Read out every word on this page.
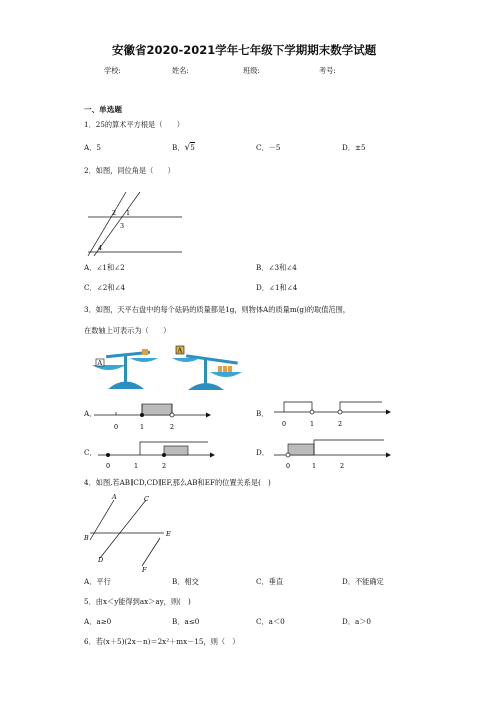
安徽省2020-2021学年七年级下学期期末数学试题
学校:	姓名:	班级:	考号:
一、单选题
1．25的算术平方根是（　　）
A．5	B．√5	C．－5	D．±5
2．如图，同位角是（　　）
2 1
3
4
A．∠1和∠2	B．∠3和∠4
C．∠2和∠4	D．∠1和∠4
3．如图，天平右盘中的每个砝码的质量都是1g，则物体A的质量m(g)的取值范围，
在数轴上可表示为（　　）
A
A
A．
0	1	2
B．
0	1	2
C．
0	1	2
D．
0	1	2
4．如图,若AB∥CD,CD∥EF,那么AB和EF的位置关系是(　)
A	C
B	E
D
F
A．平行	B．相交	C．垂直	D．不能确定
5．由x＜y能得到ax＞ay，则(　)
A．a≥0	B．a≤0	C．a＜0	D．a＞0
6．若(x＋5)(2x－n)＝2x²＋mx－15，则（　）
